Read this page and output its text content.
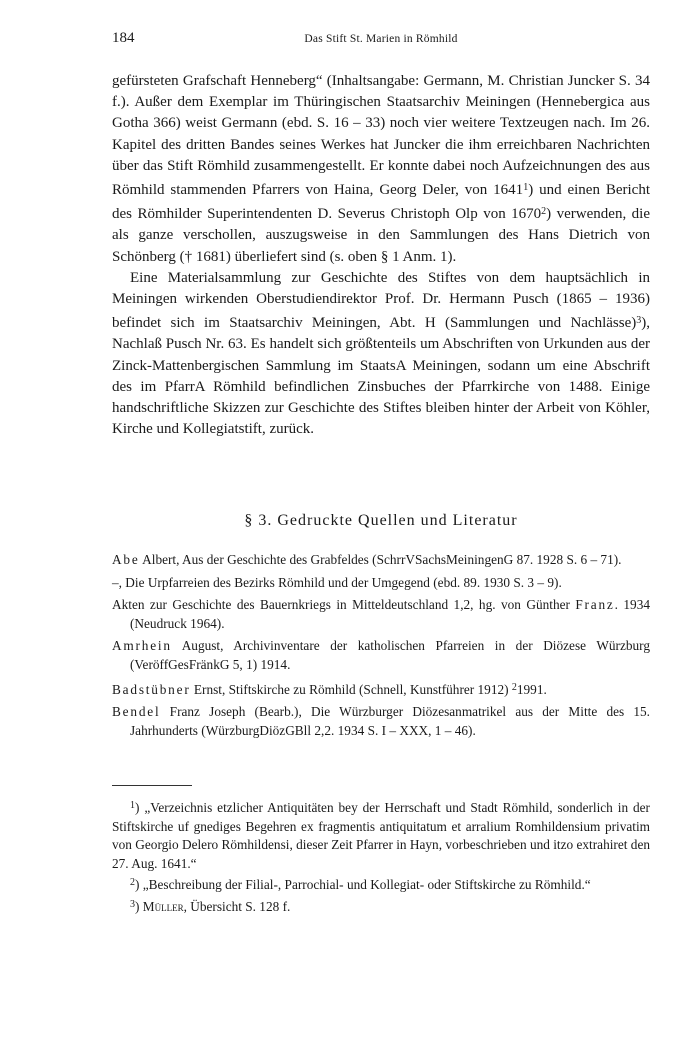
184	Das Stift St. Marien in Römhild

gefürsteten Grafschaft Henneberg“ (Inhaltsangabe: Germann, M. Christian Juncker S. 34 f.). Außer dem Exemplar im Thüringischen Staatsarchiv Meiningen (Hennebergica aus Gotha 366) weist Germann (ebd. S. 16 – 33) noch vier weitere Textzeugen nach. Im 26. Kapitel des dritten Bandes seines Werkes hat Juncker die ihm erreichbaren Nachrichten über das Stift Römhild zusammengestellt. Er konnte dabei noch Aufzeichnungen des aus Römhild stammenden Pfarrers von Haina, Georg Deler, von 1641$^1$) und einen Bericht des Römhilder Superintendenten D. Severus Christoph Olp von 1670$^2$) verwenden, die als ganze verschollen, auszugsweise in den Sammlungen des Hans Dietrich von Schönberg († 1681) überliefert sind (s. oben § 1 Anm. 1).

Eine Materialsammlung zur Geschichte des Stiftes von dem hauptsächlich in Meiningen wirkenden Oberstudiendirektor Prof. Dr. Hermann Pusch (1865 – 1936) befindet sich im Staatsarchiv Meiningen, Abt. H (Sammlungen und Nachlässe)$^3$), Nachlaß Pusch Nr. 63. Es handelt sich größtenteils um Abschriften von Urkunden aus der Zinck-Mattenbergischen Sammlung im StaatsA Meiningen, sodann um eine Abschrift des im PfarrA Römhild befindlichen Zinsbuches der Pfarrkirche von 1488. Einige handschriftliche Skizzen zur Geschichte des Stiftes bleiben hinter der Arbeit von Köhler, Kirche und Kollegiatstift, zurück.

§ 3. Gedruckte Quellen und Literatur
Abe Albert, Aus der Geschichte des Grabfeldes (SchrrVSachsMeiningenG 87. 1928 S. 6 – 71).
–, Die Urpfarreien des Bezirks Römhild und der Umgegend (ebd. 89. 1930 S. 3 – 9).
Akten zur Geschichte des Bauernkriegs in Mitteldeutschland 1,2, hg. von Günther Franz. 1934 (Neudruck 1964).
Amrhein August, Archivinventare der katholischen Pfarreien in der Diözese Würzburg (VeröffGesFränkG 5, 1) 1914.
Badstübner Ernst, Stiftskirche zu Römhild (Schnell, Kunstführer 1912) $^2$1991.
Bendel Franz Joseph (Bearb.), Die Würzburger Diözesanmatrikel aus der Mitte des 15. Jahrhunderts (WürzburgDiözGBll 2,2. 1934 S. I – XXX, 1 – 46).
$^1$) „Verzeichnis etzlicher Antiquitäten bey der Herrschaft und Stadt Römhild, sonderlich in der Stiftskirche uf gnediges Begehren ex fragmentis antiquitatum et arralium Romhildensium privatim von Georgio Delero Römhildensi, dieser Zeit Pfarrer in Hayn, vorbeschrieben und itzo extrahiret den 27. Aug. 1641.“
$^2$) „Beschreibung der Filial-, Parrochial- und Kollegiat- oder Stiftskirche zu Römhild.“
$^3$) Müller, Übersicht S. 128 f.
